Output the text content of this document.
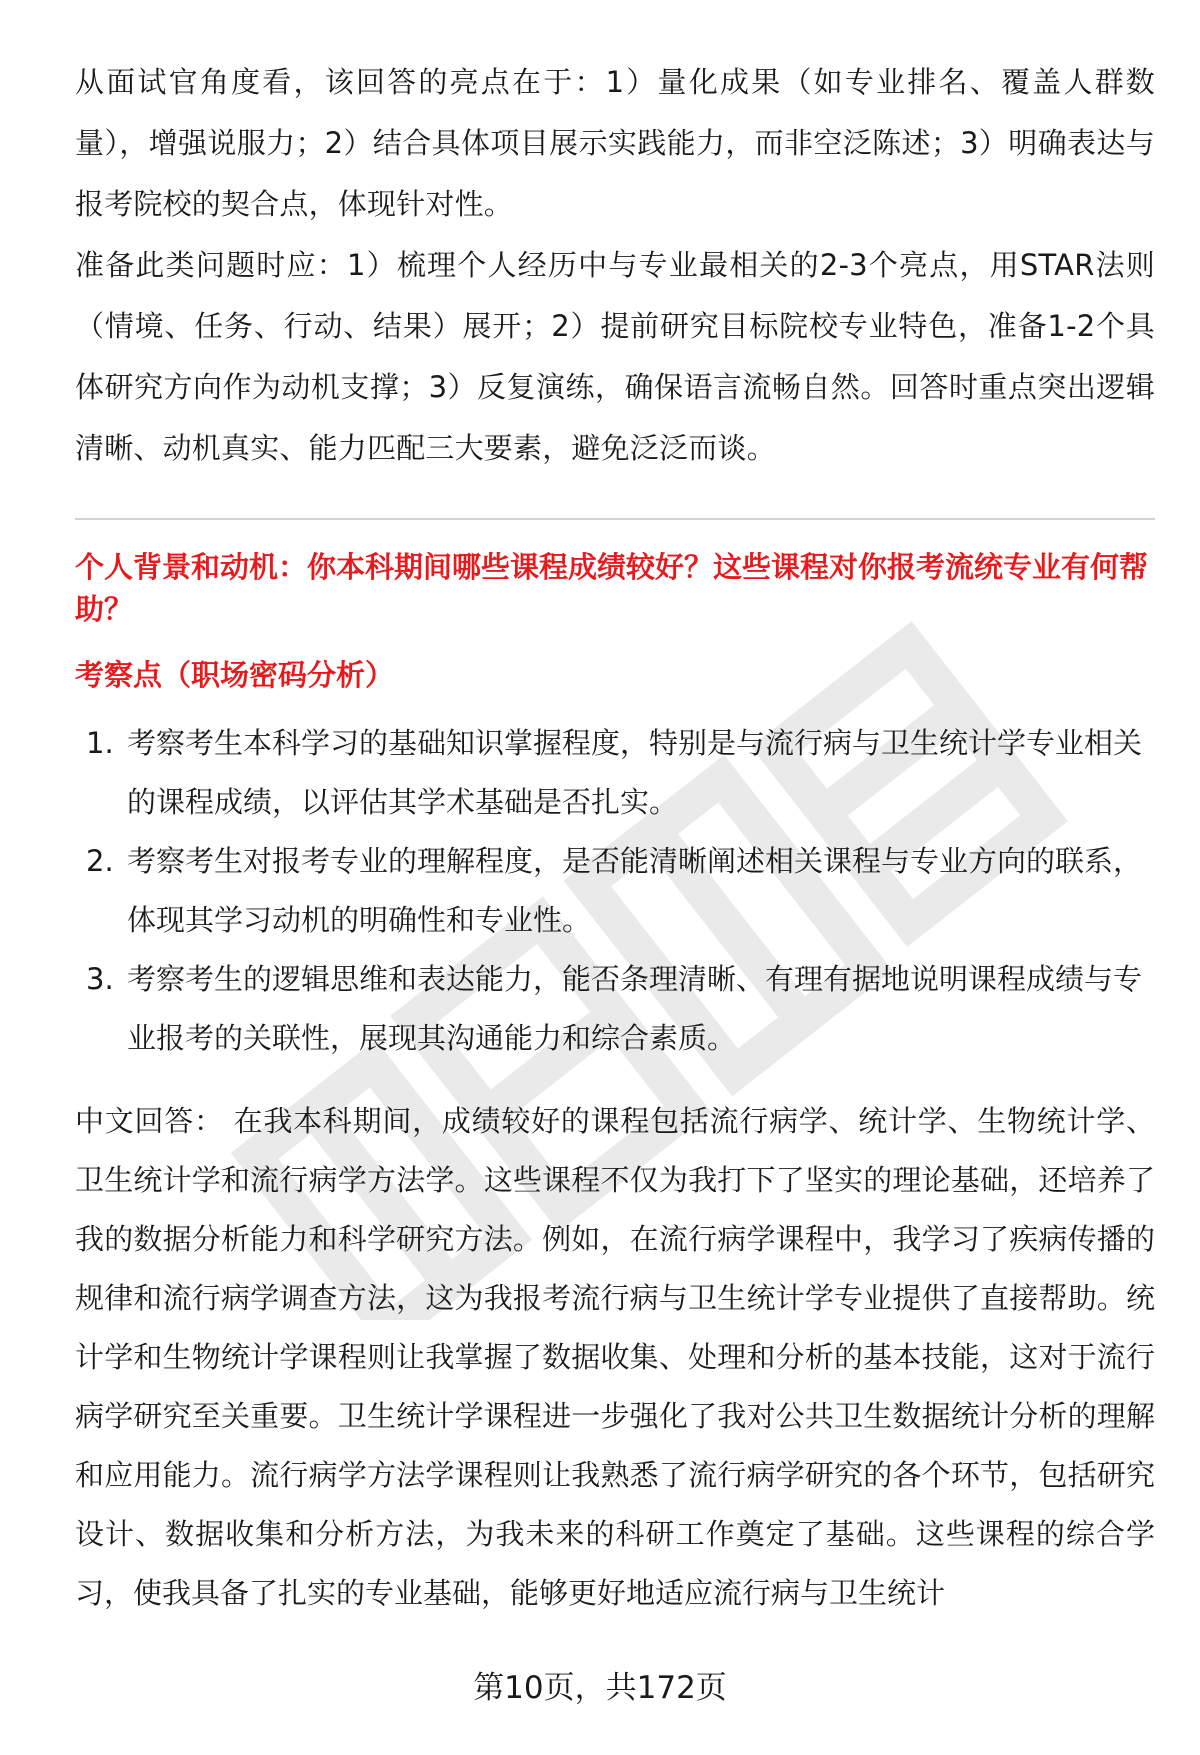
从面试官角度看，该回答的亮点在于：1）量化成果（如专业排名、覆盖人群数量），增强说服力；2）结合具体项目展示实践能力，而非空泛陈述；3）明确表达与报考院校的契合点，体现针对性。

准备此类问题时应：1）梳理个人经历中与专业最相关的2-3个亮点，用STAR法则（情境、任务、行动、结果）展开；2）提前研究目标院校专业特色，准备1-2个具体研究方向作为动机支撑；3）反复演练，确保语言流畅自然。回答时重点突出逻辑清晰、动机真实、能力匹配三大要素，避免泛泛而谈。

个人背景和动机：你本科期间哪些课程成绩较好？这些课程对你报考流统专业有何帮助？

考察点（职场密码分析）

1. 考察考生本科学习的基础知识掌握程度，特别是与流行病与卫生统计学专业相关的课程成绩，以评估其学术基础是否扎实。
2. 考察考生对报考专业的理解程度，是否能清晰阐述相关课程与专业方向的联系，体现其学习动机的明确性和专业性。
3. 考察考生的逻辑思维和表达能力，能否条理清晰、有理有据地说明课程成绩与专业报考的关联性，展现其沟通能力和综合素质。

中文回答： 在我本科期间，成绩较好的课程包括流行病学、统计学、生物统计学、卫生统计学和流行病学方法学。这些课程不仅为我打下了坚实的理论基础，还培养了我的数据分析能力和科学研究方法。例如，在流行病学课程中，我学习了疾病传播的规律和流行病学调查方法，这为我报考流行病与卫生统计学专业提供了直接帮助。统计学和生物统计学课程则让我掌握了数据收集、处理和分析的基本技能，这对于流行病学研究至关重要。卫生统计学课程进一步强化了我对公共卫生数据统计分析的理解和应用能力。流行病学方法学课程则让我熟悉了流行病学研究的各个环节，包括研究设计、数据收集和分析方法，为我未来的科研工作奠定了基础。这些课程的综合学习，使我具备了扎实的专业基础，能够更好地适应流行病与卫生统计

第10页，共172页
